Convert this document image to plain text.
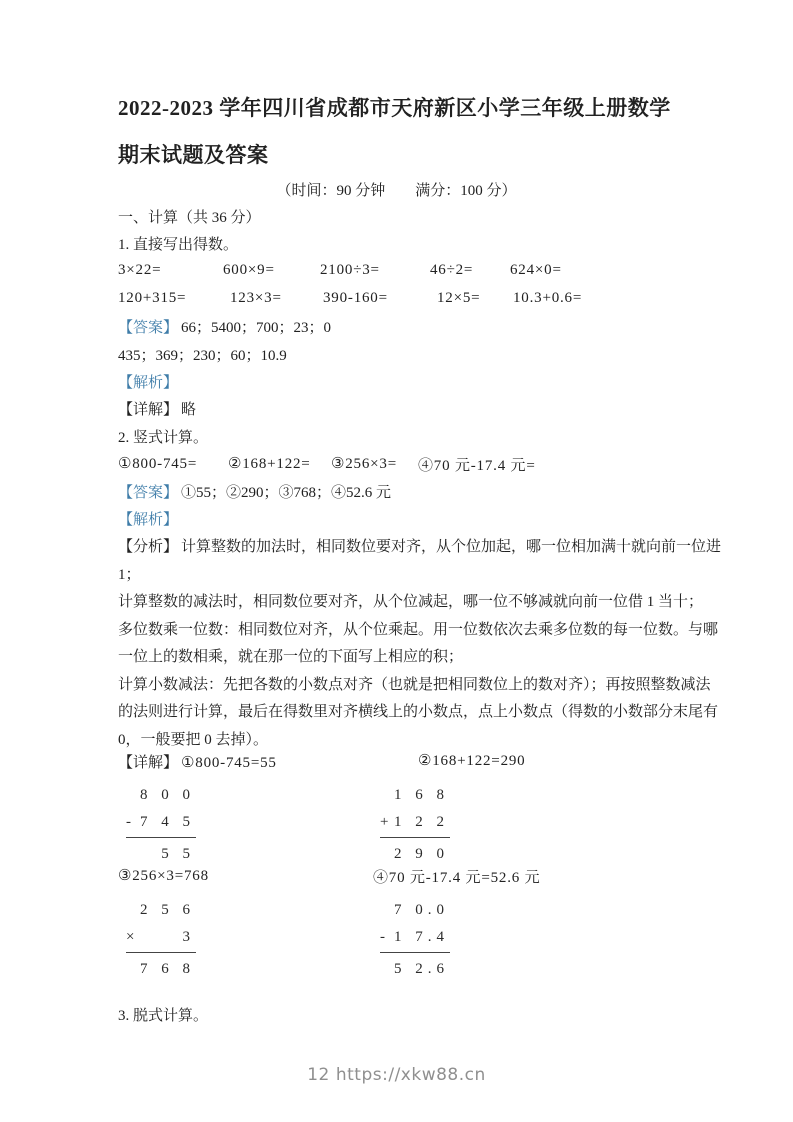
2022-2023 学年四川省成都市天府新区小学三年级上册数学
期末试题及答案
（时间：90 分钟　　满分：100 分）
一、计算（共 36 分）
1. 直接写出得数。
3×22=	600×9=	2100÷3=	46÷2= 624×0=
120+315=	123×3=	390-160=	12×5= 10.3+0.6=
【答案】 66；5400；700；23；0
435；369；230；60；10.9
【解析】
【详解】 略
2. 竖式计算。
①800-745= ②168+122= ③256×3= ④70 元-17.4 元=
【答案】 ①55；②290；③768；④52.6 元
【解析】
【分析】 计算整数的加法时，相同数位要对齐，从个位加起，哪一位相加满十就向前一位进
1；
计算整数的减法时，相同数位要对齐，从个位减起，哪一位不够减就向前一位借 1 当十；
多位数乘一位数：相同数位对齐，从个位乘起。用一位数依次去乘多位数的每一位数。与哪
一位上的数相乘，就在那一位的下面写上相应的积；
计算小数减法：先把各数的小数点对齐（也就是把相同数位上的数对齐）；再按照整数减法
的法则进行计算，最后在得数里对齐横线上的小数点，点上小数点（得数的小数部分末尾有
0，一般要把 0 去掉）。
【详解】 ①800-745=55	②168+122=290
8 0 0
- 7 4 5
5 5
1 6 8
+ 1 2 2
2 9 0
③256×3=768	④70 元-17.4 元=52.6 元
2 5 6
×	3
7 6 8
7 0.0
- 1 7.4
5 2.6
3. 脱式计算。
12 https://xkw88.cn
